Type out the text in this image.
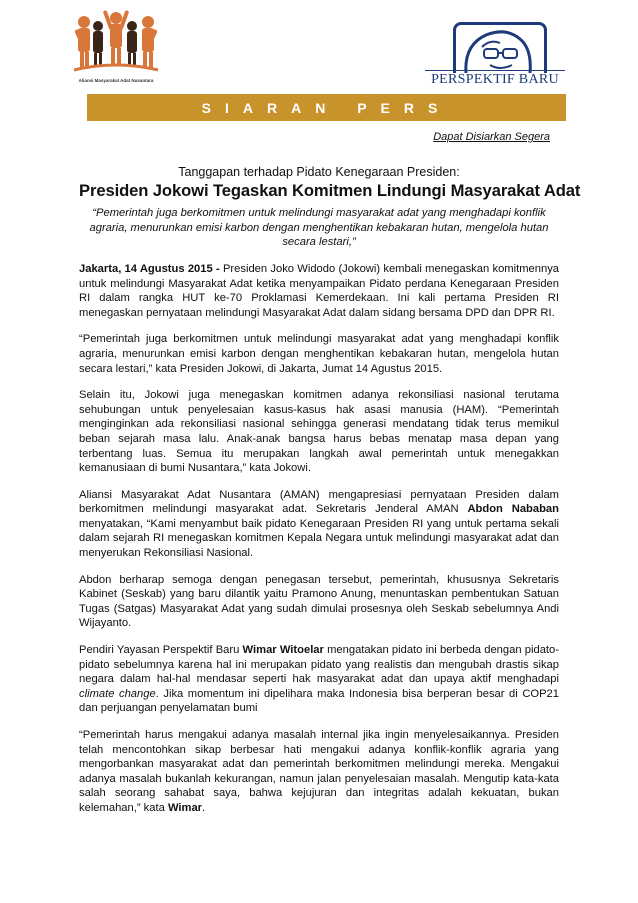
Aliansi Masyarakat Adat Nusantara	PERSPEKTIF BARU
SIARAN PERS
Dapat Disiarkan Segera

Tanggapan terhadap Pidato Kenegaraan Presiden:

Presiden Jokowi Tegaskan Komitmen Lindungi Masyarakat Adat

“Pemerintah juga berkomitmen untuk melindungi masyarakat adat yang menghadapi konflik agraria, menurunkan emisi karbon dengan menghentikan kebakaran hutan, mengelola hutan secara lestari,”

Jakarta, 14 Agustus 2015 - Presiden Joko Widodo (Jokowi) kembali menegaskan komitmennya untuk melindungi Masyarakat Adat ketika menyampaikan Pidato perdana Kenegaraan Presiden RI dalam rangka HUT ke-70 Proklamasi Kemerdekaan. Ini kali pertama Presiden RI menegaskan pernyataan melindungi Masyarakat Adat dalam sidang bersama DPD dan DPR RI.

“Pemerintah juga berkomitmen untuk melindungi masyarakat adat yang menghadapi konflik agraria, menurunkan emisi karbon dengan menghentikan kebakaran hutan, mengelola hutan secara lestari,” kata Presiden Jokowi, di Jakarta, Jumat 14 Agustus 2015.

Selain itu, Jokowi juga menegaskan komitmen adanya rekonsiliasi nasional terutama sehubungan untuk penyelesaian kasus-kasus hak asasi manusia (HAM). “Pemerintah menginginkan ada rekonsiliasi nasional sehingga generasi mendatang tidak terus memikul beban sejarah masa lalu. Anak-anak bangsa harus bebas menatap masa depan yang terbentang luas. Semua itu merupakan langkah awal pemerintah untuk menegakkan kemanusiaan di bumi Nusantara,” kata Jokowi.

Aliansi Masyarakat Adat Nusantara (AMAN) mengapresiasi pernyataan Presiden dalam berkomitmen melindungi masyarakat adat. Sekretaris Jenderal AMAN Abdon Nababan menyatakan, “Kami menyambut baik pidato Kenegaraan Presiden RI yang untuk pertama sekali dalam sejarah RI menegaskan komitmen Kepala Negara untuk melindungi masyarakat adat dan menyerukan Rekonsiliasi Nasional.

Abdon berharap semoga dengan penegasan tersebut, pemerintah, khususnya Sekretaris Kabinet (Seskab) yang baru dilantik yaitu Pramono Anung, menuntaskan pembentukan Satuan Tugas (Satgas) Masyarakat Adat yang sudah dimulai prosesnya oleh Seskab sebelumnya Andi Wijayanto.

Pendiri Yayasan Perspektif Baru Wimar Witoelar mengatakan pidato ini berbeda dengan pidato-pidato sebelumnya karena hal ini merupakan pidato yang realistis dan mengubah drastis sikap negara dalam hal-hal mendasar seperti hak masyarakat adat dan upaya aktif menghadapi climate change. Jika momentum ini dipelihara maka Indonesia bisa berperan besar di COP21 dan perjuangan penyelamatan bumi

“Pemerintah harus mengakui adanya masalah internal jika ingin menyelesaikannya. Presiden telah mencontohkan sikap berbesar hati mengakui adanya konflik-konflik agraria yang mengorbankan masyarakat adat dan pemerintah berkomitmen melindungi mereka. Mengakui adanya masalah bukanlah kekurangan, namun jalan penyelesaian masalah. Mengutip kata-kata salah seorang sahabat saya, bahwa kejujuran dan integritas adalah kekuatan, bukan kelemahan,” kata Wimar.
